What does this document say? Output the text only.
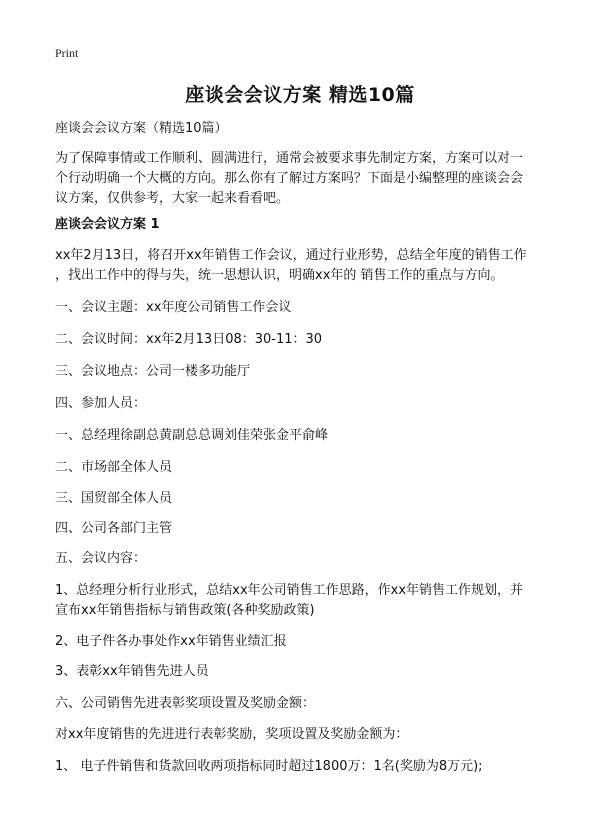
Print
座谈会会议方案 精选10篇
座谈会会议方案（精选10篇）
为了保障事情或工作顺利、圆满进行，通常会被要求事先制定方案，方案可以对一
个行动明确一个大概的方向。那么你有了解过方案吗？下面是小编整理的座谈会会
议方案，仅供参考，大家一起来看看吧。
座谈会会议方案 1
xx年2月13日，将召开xx年销售工作会议，通过行业形势，总结全年度的销售工作
，找出工作中的得与失，统一思想认识，明确xx年的 销售工作的重点与方向。
一、会议主题：xx年度公司销售工作会议
二、会议时间：xx年2月13日08：30-11：30
三、会议地点：公司一楼多功能厅
四、参加人员：
一、总经理徐副总黄副总总调刘佳荣张金平俞峰
二、市场部全体人员
三、国贸部全体人员
四、公司各部门主管
五、会议内容：
1、总经理分析行业形式，总结xx年公司销售工作思路，作xx年销售工作规划，并
宣布xx年销售指标与销售政策(各种奖励政策)
2、电子件各办事处作xx年销售业绩汇报
3、表彰xx年销售先进人员
六、公司销售先进表彰奖项设置及奖励金额：
对xx年度销售的先进进行表彰奖励，奖项设置及奖励金额为：
1、 电子件销售和货款回收两项指标同时超过1800万：1名(奖励为8万元);
